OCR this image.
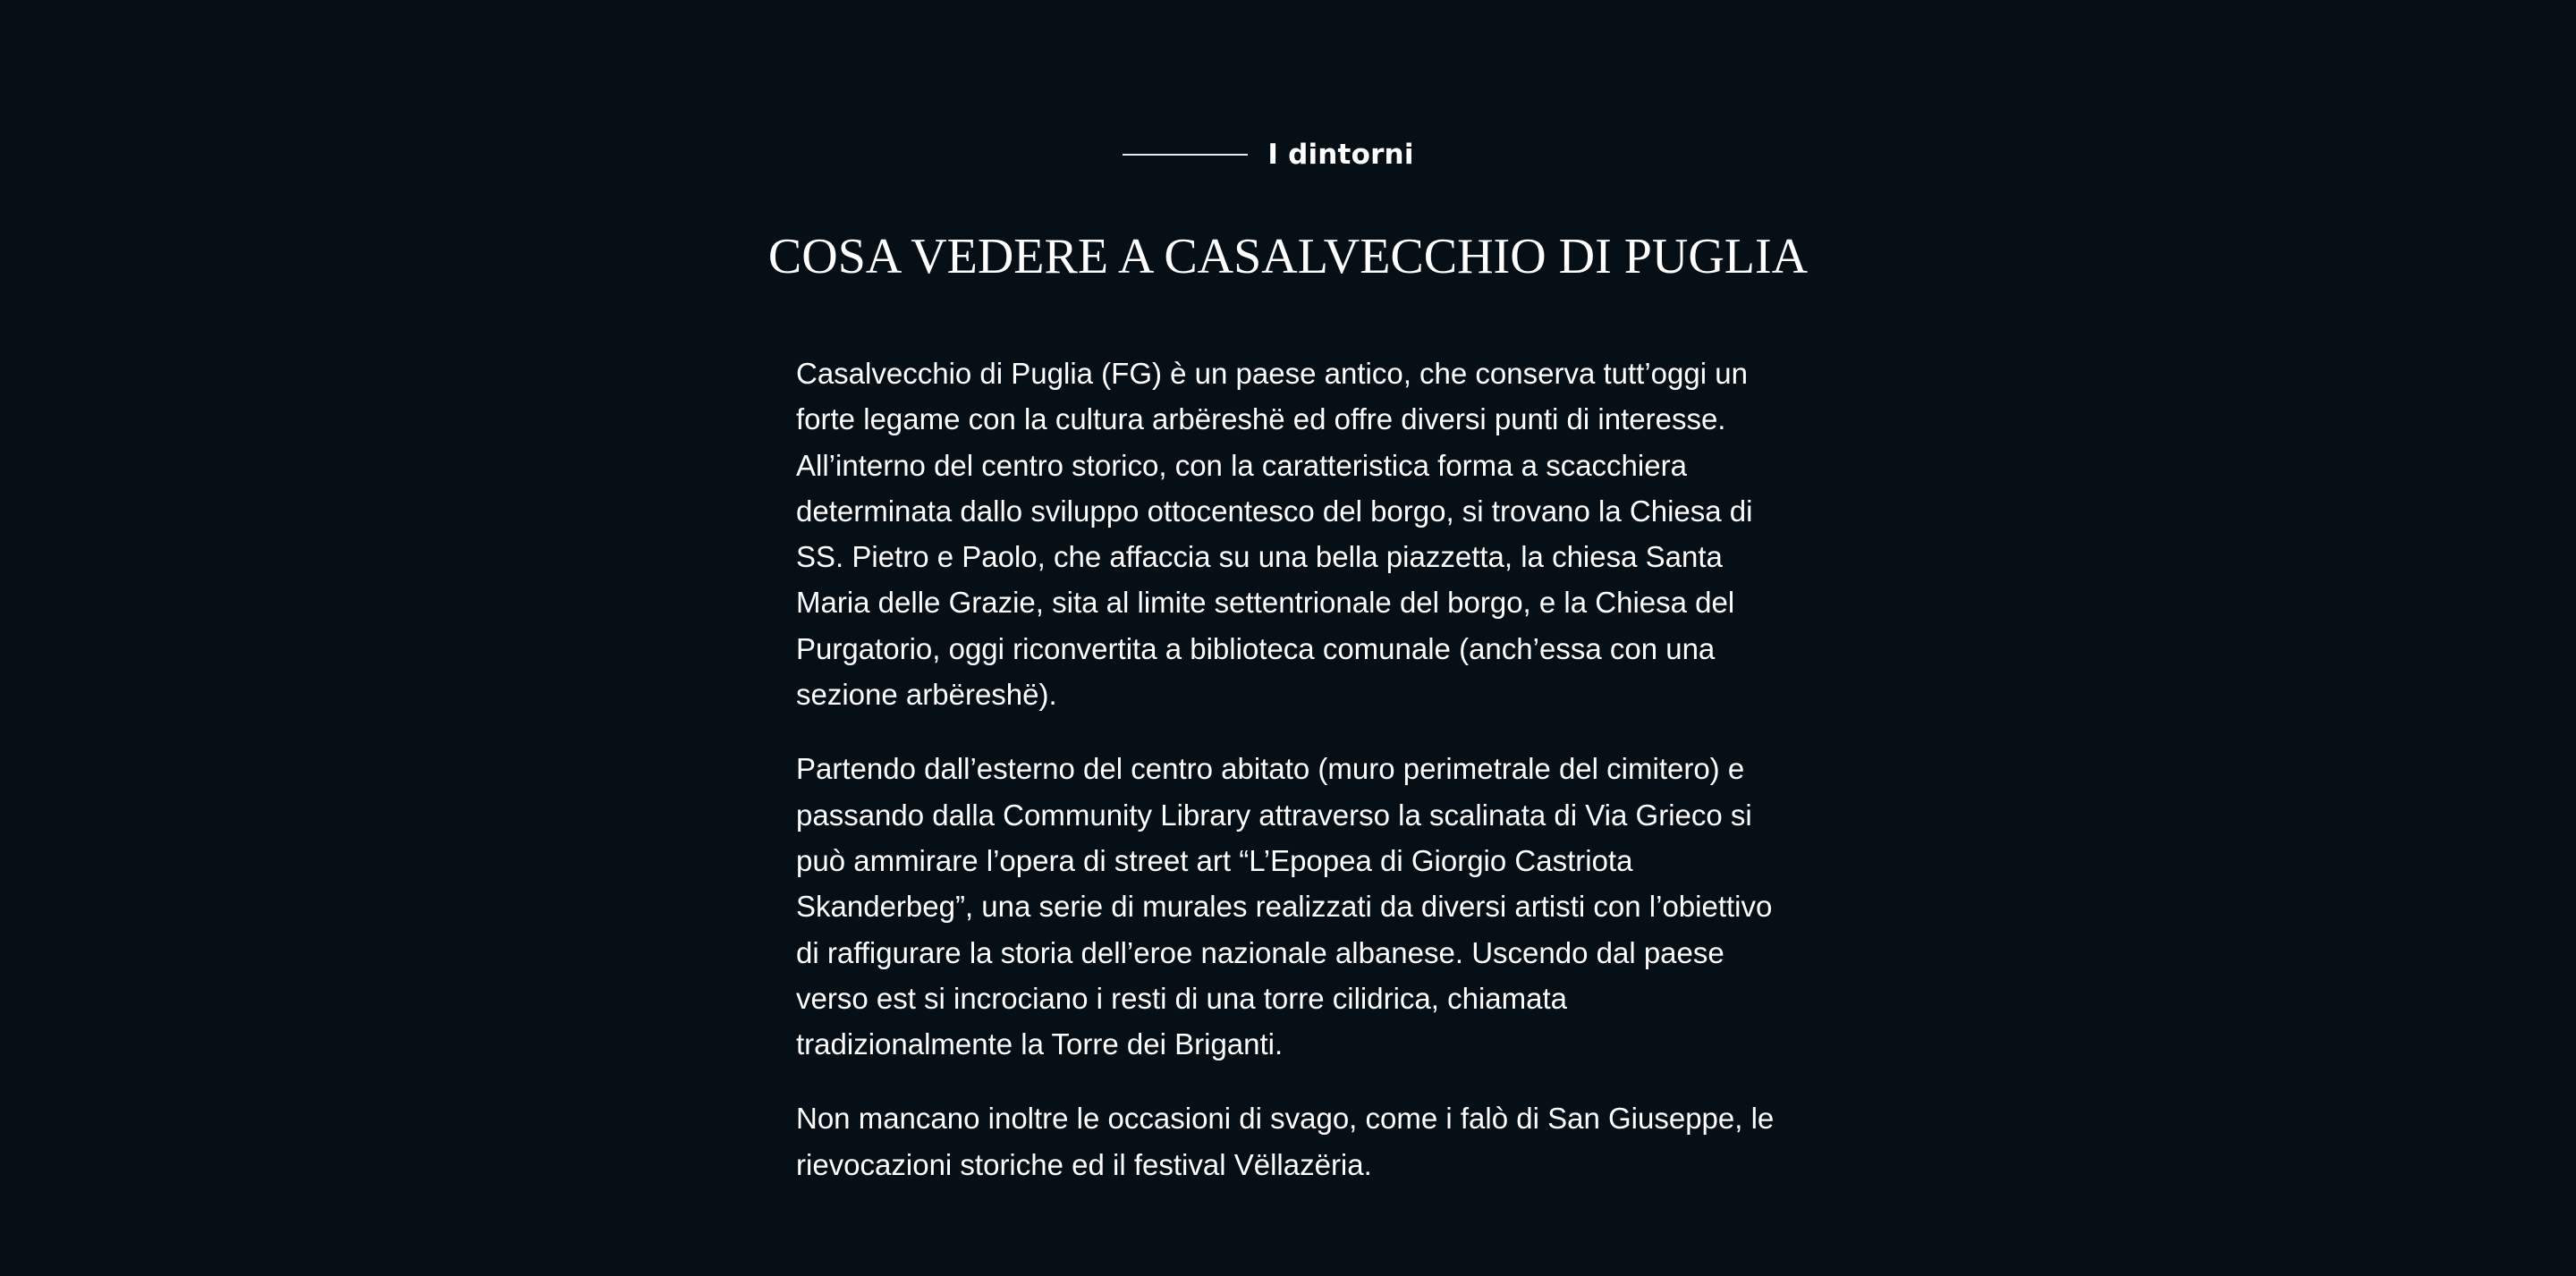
I dintorni
COSA VEDERE A CASALVECCHIO DI PUGLIA

Casalvecchio di Puglia (FG) è un paese antico, che conserva tutt’oggi un forte legame con la cultura arbëreshë ed offre diversi punti di interesse. All’interno del centro storico, con la caratteristica forma a scacchiera determinata dallo sviluppo ottocentesco del borgo, si trovano la Chiesa di SS. Pietro e Paolo, che affaccia su una bella piazzetta, la chiesa Santa Maria delle Grazie, sita al limite settentrionale del borgo, e la Chiesa del Purgatorio, oggi riconvertita a biblioteca comunale (anch’essa con una sezione arbëreshë).

Partendo dall’esterno del centro abitato (muro perimetrale del cimitero) e passando dalla Community Library attraverso la scalinata di Via Grieco si può ammirare l’opera di street art “L’Epopea di Giorgio Castriota Skanderbeg”, una serie di murales realizzati da diversi artisti con l’obiettivo di raffigurare la storia dell’eroe nazionale albanese. Uscendo dal paese verso est si incrociano i resti di una torre cilidrica, chiamata tradizionalmente la Torre dei Briganti.

Non mancano inoltre le occasioni di svago, come i falò di San Giuseppe, le rievocazioni storiche ed il festival Vëllazëria.
